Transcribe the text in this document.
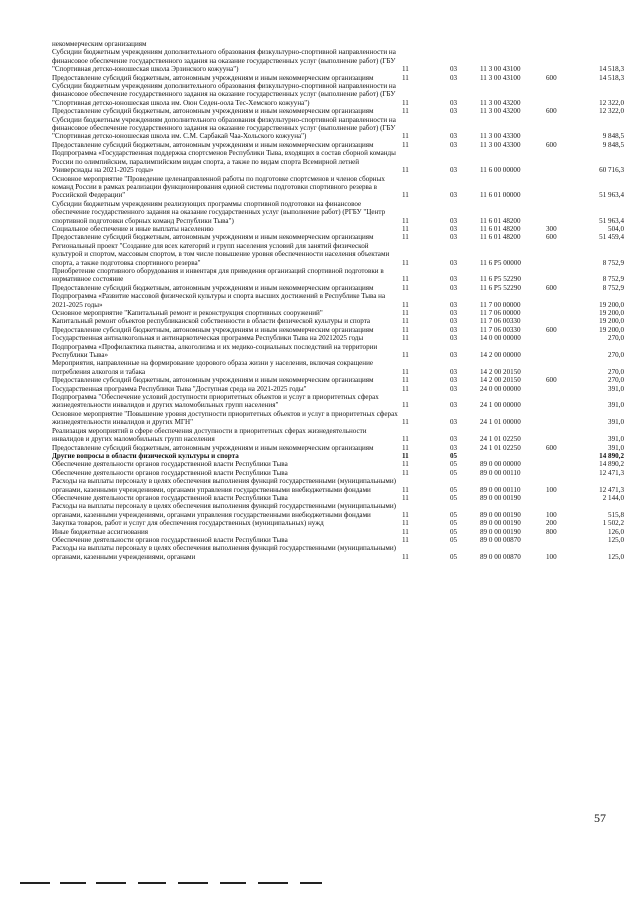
некоммерческим организациям
Субсидии бюджетным учреждениям дополнительного образования физкультурно-спортивной направленности на финансовое обеспечение государственного задания на оказание государственных услуг (выполнение работ) (ГБУ "Спортивная детско-юношеская школа Эрзинского кожууна")	11	03	11 3 00 43100	14 518,3
Предоставление субсидий бюджетным, автономным учреждениям и иным некоммерческим организациям	11	03	11 3 00 43100	600	14 518,3
Субсидии бюджетным учреждениям дополнительного образования физкультурно-спортивной направленности на финансовое обеспечение государственного задания на оказание государственных услуг (выполнение работ) (ГБУ "Спортивная детско-юношеская школа им. Оюн Седен-оола Тес-Хемского кожууна")	11	03	11 3 00 43200	12 322,0
Предоставление субсидий бюджетным, автономным учреждениям и иным некоммерческим организациям	11	03	11 3 00 43200	600	12 322,0
Субсидии бюджетным учреждениям дополнительного образования физкультурно-спортивной направленности на финансовое обеспечение государственного задания на оказание государственных услуг (выполнение работ) (ГБУ "Спортивная детско-юношеская школа им. С.М. Сарбакай Чаа-Хольского кожууна")	11	03	11 3 00 43300	9 848,5
Предоставление субсидий бюджетным, автономным учреждениям и иным некоммерческим организациям	11	03	11 3 00 43300	600	9 848,5
Подпрограмма «Государственная поддержка спортсменов Республики Тыва, входящих в состав сборной команды России по олимпийским, паралимпийским видам спорта, а также по видам спорта Всемирной летней Универсиады на 2021-2025 годы»	11	03	11 6 00 00000	60 716,3
Основное мероприятие "Проведение целенаправленной работы по подготовке спортсменов и членов сборных команд России в рамках реализации функционирования единой системы подготовки спортивного резерва в Российской Федерации"	11	03	11 6 01 00000	51 963,4
Субсидии бюджетным учреждениям реализующих программы спортивной подготовки на финансовое обеспечение государственного задания на оказание государственных услуг (выполнение работ) (РГБУ "Центр спортивной подготовки сборных команд Республики Тыва")	11	03	11 6 01 48200	51 963,4
Социальное обеспечение и иные выплаты населению	11	03	11 6 01 48200	300	504,0
Предоставление субсидий бюджетным, автономным учреждениям и иным некоммерческим организациям	11	03	11 6 01 48200	600	51 459,4
Региональный проект "Создание для всех категорий и групп населения условий для занятий физической культурой и спортом, массовым спортом, в том числе повышение уровня обеспеченности населения объектами спорта, а также подготовка спортивного резерва"	11	03	11 6 P5 00000	8 752,9
Приобретение спортивного оборудования и инвентаря для приведения организаций спортивной подготовки в нормативное состояние	11	03	11 6 P5 52290	8 752,9
Предоставление субсидий бюджетным, автономным учреждениям и иным некоммерческим организациям	11	03	11 6 P5 52290	600	8 752,9
Подпрограмма «Развитие массовой физической культуры и спорта высших достижений в Республике Тыва на 2021-2025 годы»	11	03	11 7 00 00000	19 200,0
Основное мероприятие "Капитальный ремонт и реконструкция спортивных сооружений"	11	03	11 7 06 00000	19 200,0
Капитальный ремонт объектов республиканской собственности в области физической культуры и спорта	11	03	11 7 06 00330	19 200,0
Предоставление субсидий бюджетным, автономным учреждениям и иным некоммерческим организациям	11	03	11 7 06 00330	600	19 200,0
Государственная антиалкогольная и антинаркотическая программа Республики Тыва на 20212025 годы	11	03	14 0 00 00000	270,0
Подпрограмма «Профилактика пьянства, алкоголизма и их медико-социальных последствий на территории Республики Тыва»	11	03	14 2 00 00000	270,0
Мероприятия, направленные на формирование здорового образа жизни у населения, включая сокращение потребления алкоголя и табака	11	03	14 2 00 20150	270,0
Предоставление субсидий бюджетным, автономным учреждениям и иным некоммерческим организациям	11	03	14 2 00 20150	600	270,0
Государственная программа Республики Тыва "Доступная среда на 2021-2025 годы"	11	03	24 0 00 00000	391,0
Подпрограмма "Обеспечение условий доступности приоритетных объектов и услуг в приоритетных сферах жизнедеятельности инвалидов и других маломобильных групп населения"	11	03	24 1 00 00000	391,0
Основное мероприятие "Повышение уровня доступности приоритетных объектов и услуг в приоритетных сферах жизнедеятельности инвалидов и других МГН"	11	03	24 1 01 00000	391,0
Реализация мероприятий в сфере обеспечения доступности в приоритетных сферах жизнедеятельности инвалидов и других маломобильных групп населения	11	03	24 1 01 02250	391,0
Предоставление субсидий бюджетным, автономным учреждениям и иным некоммерческим организациям	11	03	24 1 01 02250	600	391,0
Другие вопросы в области физической культуры и спорта	11	05	14 890,2
Обеспечение деятельности органов государственной власти Республики Тыва	11	05	89 0 00 00000	14 890,2
Обеспечение деятельности органов государственной власти Республики Тыва	11	05	89 0 00 00110	12 471,3
Расходы на выплаты персоналу в целях обеспечения выполнения функций государственными (муниципальными) органами, казенными учреждениями, органами управления государственными внебюджетными фондами	11	05	89 0 00 00110	100	12 471,3
Обеспечение деятельности органов государственной власти Республики Тыва	11	05	89 0 00 00190	2 144,0
Расходы на выплаты персоналу в целях обеспечения выполнения функций государственными (муниципальными) органами, казенными учреждениями, органами управления государственными внебюджетными фондами	11	05	89 0 00 00190	100	515,8
Закупка товаров, работ и услуг для обеспечения государственных (муниципальных) нужд	11	05	89 0 00 00190	200	1 502,2
Иные бюджетные ассигнования	11	05	89 0 00 00190	800	126,0
Обеспечение деятельности органов государственной власти Республики Тыва	11	05	89 0 00 00870	125,0
Расходы на выплаты персоналу в целях обеспечения выполнения функций государственными (муниципальными) органами, казенными учреждениями, органами	11	05	89 0 00 00870	100	125,0
57
